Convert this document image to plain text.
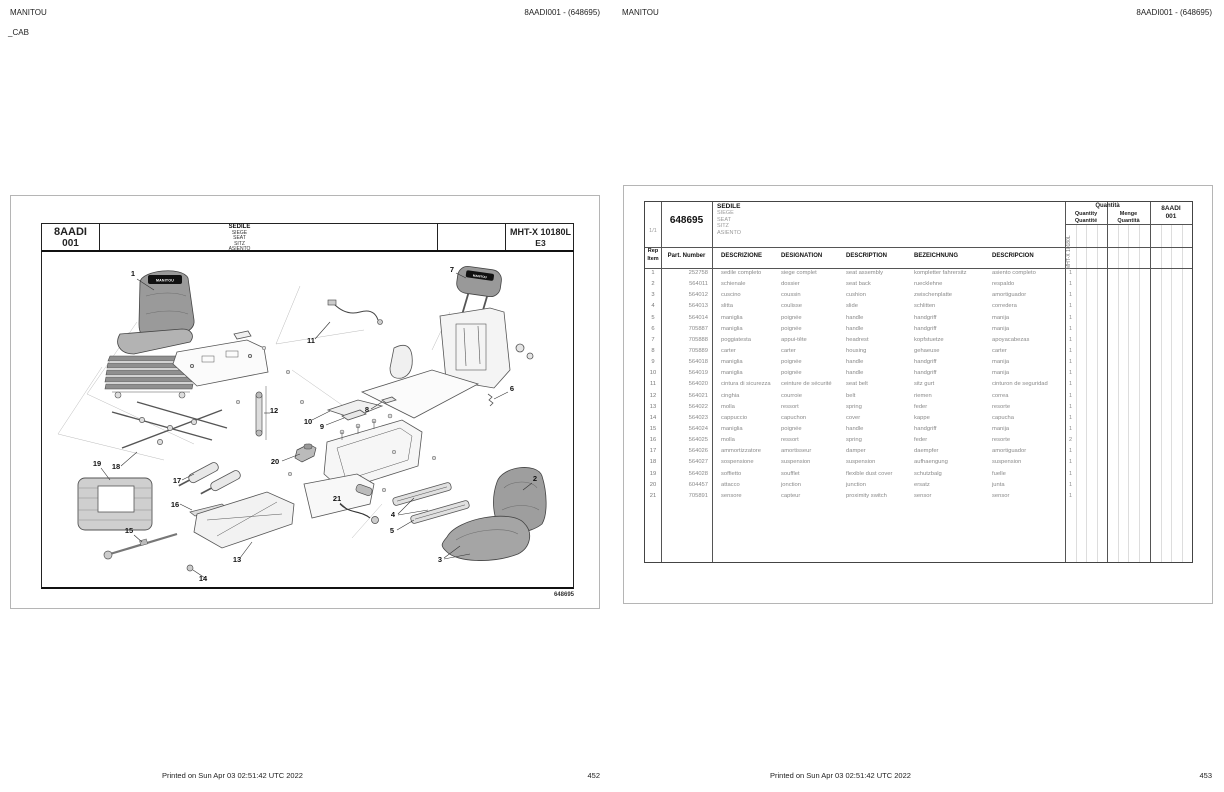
MANITOU	8AADI001 - (648695)	MANITOU	8AADI001 - (648695)
_CAB
8AADI
001
SEDILE
SIEGE
SEAT
SITZ
ASIENTO
MHT-X 10180L
E3
MANITOU
MANITOU
1	7
11
12
10
9
8
6
20
17
16
15
19 18
13
14
21
4
5
2
3
648695
1/1
648695
SEDILE
SIEGE
SEAT
SITZ
ASIENTO
Quantità
Quantity	Menge
Quantité	Quantità
8AADI
001
MHT-X 10180L
Rep
Item	Part. Number	DESCRIZIONE	DESIGNATION	DESCRIPTION	BEZEICHNUNG	DESCRIPCION
1	252758	sedile completo	siege complet	seat assembly	kompletter fahrersitz	asiento completo	1
2	564011	schienale	dossier	seat back	ruecklehne	respaldo	1
3	564012	cuscino	coussin	cushion	zwischenplatte	amortiguador	1
4	564013	slitta	coulisse	slide	schlitten	corredera	1
5	564014	maniglia	poignée	handle	handgriff	manija	1
6	705887	maniglia	poignée	handle	handgriff	manija	1
7	705888	poggiatesta	appui-tête	headrest	kopfstuetze	apoyacabezas	1
8	705889	carter	carter	housing	gehaeuse	carter	1
9	564018	maniglia	poignée	handle	handgriff	manija	1
10	564019	maniglia	poignée	handle	handgriff	manija	1
11	564020	cintura di sicurezza	ceinture de sécurité	seat belt	sitz gurt	cinturon de seguridad	1
12	564021	cinghia	courroie	belt	riemen	correa	1
13	564022	molla	ressort	spring	feder	resorte	1
14	564023	cappuccio	capuchon	cover	kappe	capucha	1
15	564024	maniglia	poignée	handle	handgriff	manija	1
16	564025	molla	ressort	spring	feder	resorte	2
17	564026	ammortizzatore	amortisseur	damper	daempfer	amortiguador	1
18	564027	sospensione	suspension	suspension	aufhaengung	suspension	1
19	564028	soffietto	soufflet	flexible dust cover	schutzbalg	fuelle	1
20	604457	attacco	jonction	junction	ersatz	junta	1
21	705891	sensore	capteur	proximity switch	sensor	sensor	1
Printed on Sun Apr 03 02:51:42 UTC 2022	452	Printed on Sun Apr 03 02:51:42 UTC 2022	453
